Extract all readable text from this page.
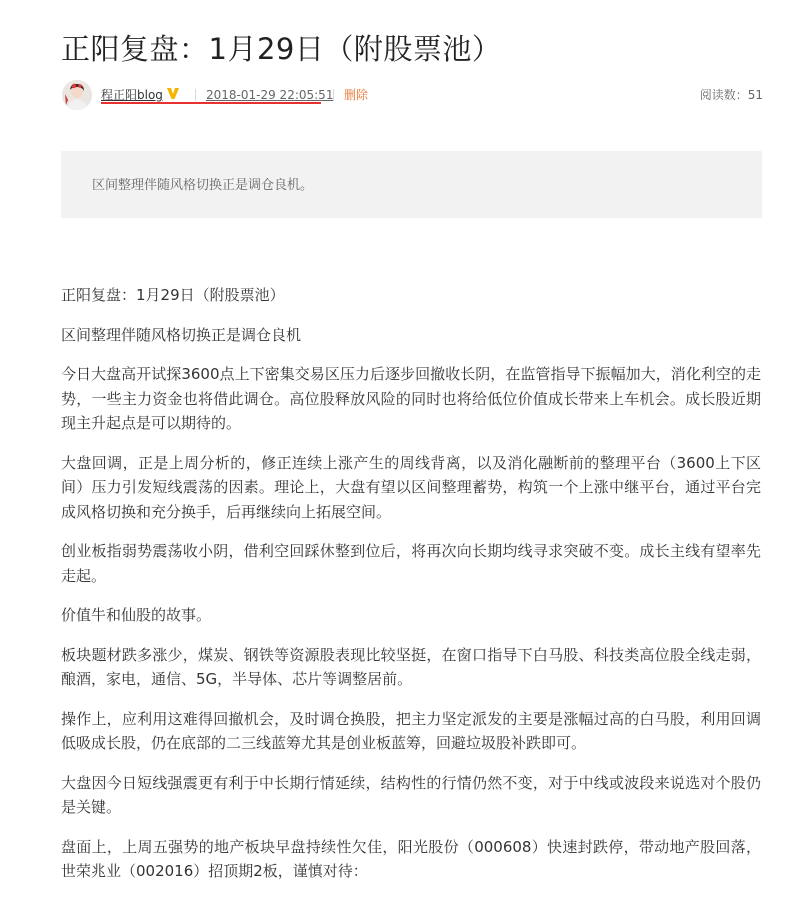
正阳复盘：1月29日（附股票池）
程正阳blog	2018-01-29 22:05:51 删除	阅读数：51
区间整理伴随风格切换正是调仓良机。

正阳复盘：1月29日（附股票池）

区间整理伴随风格切换正是调仓良机

今日大盘高开试探3600点上下密集交易区压力后逐步回撤收长阴，在监管指导下振幅加大，消化利空的走势，一些主力资金也将借此调仓。高位股释放风险的同时也将给低位价值成长带来上车机会。成长股近期现主升起点是可以期待的。

大盘回调，正是上周分析的，修正连续上涨产生的周线背离，以及消化融断前的整理平台（3600上下区间）压力引发短线震荡的因素。理论上，大盘有望以区间整理蓄势，构筑一个上涨中继平台，通过平台完成风格切换和充分换手，后再继续向上拓展空间。

创业板指弱势震荡收小阴，借利空回踩休整到位后，将再次向长期均线寻求突破不变。成长主线有望率先走起。

价值牛和仙股的故事。

板块题材跌多涨少，煤炭、钢铁等资源股表现比较坚挺，在窗口指导下白马股、科技类高位股全线走弱，酿酒，家电，通信、5G，半导体、芯片等调整居前。

操作上，应利用这难得回撤机会，及时调仓换股，把主力坚定派发的主要是涨幅过高的白马股，利用回调低吸成长股，仍在底部的二三线蓝筹尤其是创业板蓝筹，回避垃圾股补跌即可。

大盘因今日短线强震更有利于中长期行情延续，结构性的行情仍然不变，对于中线或波段来说选对个股仍是关键。

盘面上，上周五强势的地产板块早盘持续性欠佳，阳光股份（000608）快速封跌停，带动地产股回落，世荣兆业（002016）招顶期2板，谨慎对待：
